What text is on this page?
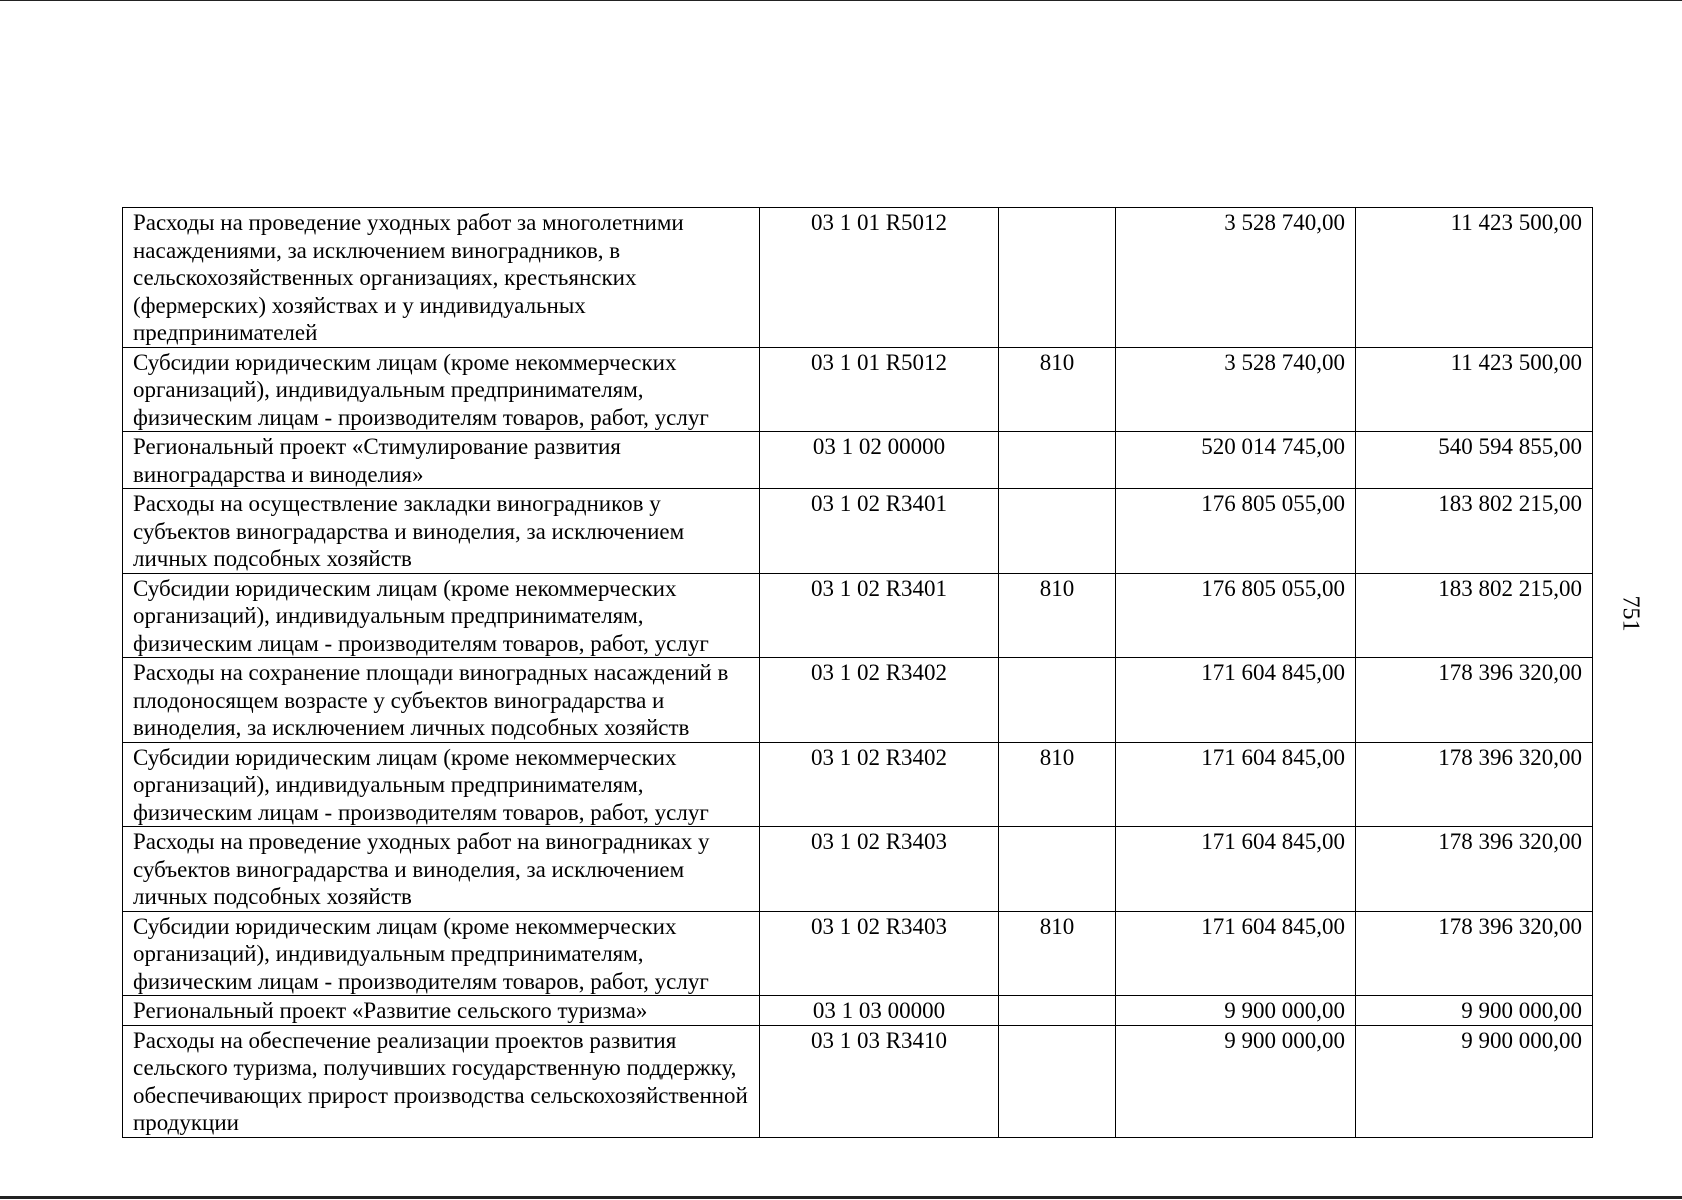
Расходы на проведение уходных работ за многолетними насаждениями, за исключением виноградников, в сельскохозяйственных организациях, крестьянских (фермерских) хозяйствах и у индивидуальных предпринимателей	03 1 01 R5012		3 528 740,00	11 423 500,00
Субсидии юридическим лицам (кроме некоммерческих организаций), индивидуальным предпринимателям, физическим лицам - производителям товаров, работ, услуг	03 1 01 R5012	810	3 528 740,00	11 423 500,00
Региональный проект «Стимулирование развития виноградарства и виноделия»	03 1 02 00000		520 014 745,00	540 594 855,00
Расходы на осуществление закладки виноградников у субъектов виноградарства и виноделия, за исключением личных подсобных хозяйств	03 1 02 R3401		176 805 055,00	183 802 215,00
Субсидии юридическим лицам (кроме некоммерческих организаций), индивидуальным предпринимателям, физическим лицам - производителям товаров, работ, услуг	03 1 02 R3401	810	176 805 055,00	183 802 215,00
Расходы на сохранение площади виноградных насаждений в плодоносящем возрасте у субъектов виноградарства и виноделия, за исключением личных подсобных хозяйств	03 1 02 R3402		171 604 845,00	178 396 320,00
Субсидии юридическим лицам (кроме некоммерческих организаций), индивидуальным предпринимателям, физическим лицам - производителям товаров, работ, услуг	03 1 02 R3402	810	171 604 845,00	178 396 320,00
Расходы на проведение уходных работ на виноградниках у субъектов виноградарства и виноделия, за исключением личных подсобных хозяйств	03 1 02 R3403		171 604 845,00	178 396 320,00
Субсидии юридическим лицам (кроме некоммерческих организаций), индивидуальным предпринимателям, физическим лицам - производителям товаров, работ, услуг	03 1 02 R3403	810	171 604 845,00	178 396 320,00
Региональный проект «Развитие сельского туризма»	03 1 03 00000		9 900 000,00	9 900 000,00
Расходы на обеспечение реализации проектов развития сельского туризма, получивших государственную поддержку, обеспечивающих прирост производства сельскохозяйственной продукции	03 1 03 R3410		9 900 000,00	9 900 000,00
751
